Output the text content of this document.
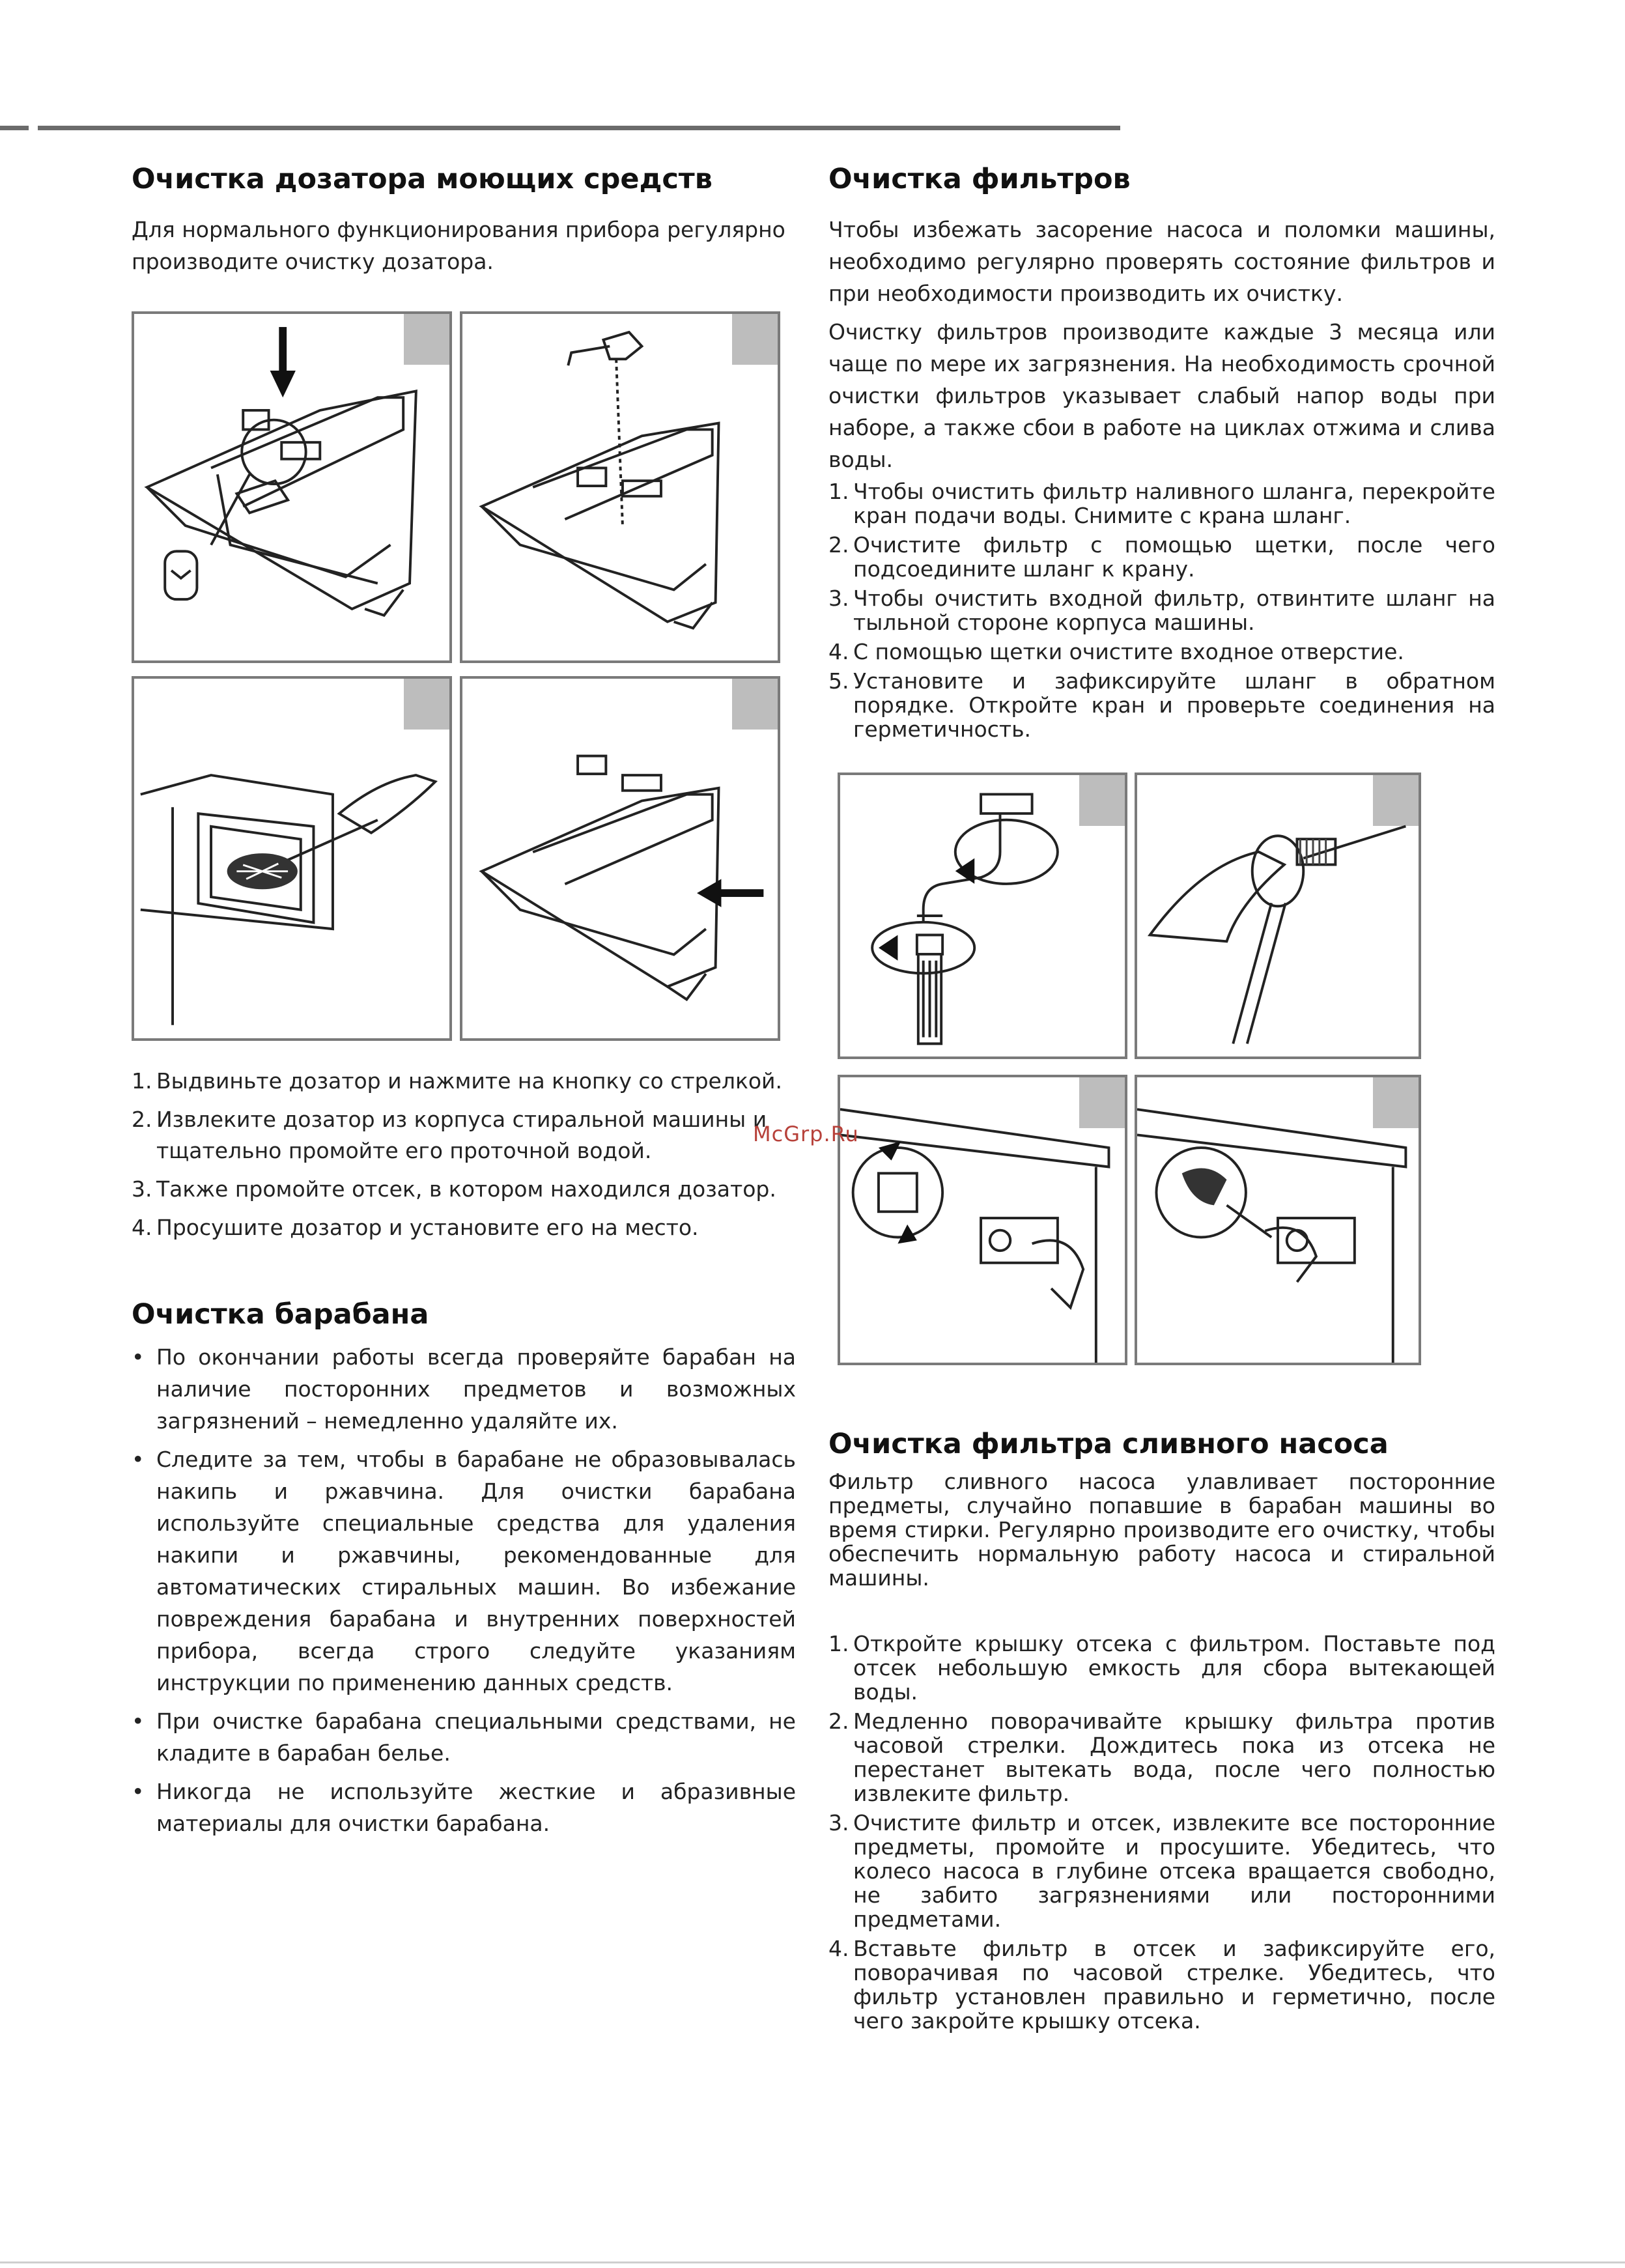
Очистка дозатора моющих средств

Для нормального функционирования прибора регулярно производите очистку дозатора.

1. Выдвиньте дозатор и нажмите на кнопку со стрелкой.
2. Извлеките дозатор из корпуса стиральной машины и тщательно промойте его проточной водой.
3. Также промойте отсек, в котором находился дозатор.
4. Просушите дозатор и установите его на место.
Очистка барабана
• По окончании работы всегда проверяйте барабан на наличие посторонних предметов и возможных загрязнений – немедленно удаляйте их.
• Следите за тем, чтобы в барабане не образовывалась накипь и ржавчина. Для очистки барабана используйте специальные средства для удаления накипи и ржавчины, рекомендованные для автоматических стиральных машин. Во избежание повреждения барабана и внутренних поверхностей прибора, всегда строго следуйте указаниям инструкции по применению данных средств.
• При очистке барабана специальными средствами, не кладите в барабан белье.
• Никогда не используйте жесткие и абразивные материалы для очистки барабана.
Очистка фильтров

Чтобы избежать засорение насоса и поломки машины, необходимо регулярно проверять состояние фильтров и при необходимости производить их очистку.

Очистку фильтров производите каждые 3 месяца или чаще по мере их загрязнения. На необходимость срочной очистки фильтров указывает слабый напор воды при наборе, а также сбои в работе на циклах отжима и слива воды.

1. Чтобы очистить фильтр наливного шланга, перекройте кран подачи воды. Снимите с крана шланг.
2. Очистите фильтр с помощью щетки, после чего подсоедините шланг к крану.
3. Чтобы очистить входной фильтр, отвинтите шланг на тыльной стороне корпуса машины.
4. С помощью щетки очистите входное отверстие.
5. Установите и зафиксируйте шланг в обратном порядке. Откройте кран и проверьте соединения на герметичность.
Очистка фильтра сливного насоса

Фильтр сливного насоса улавливает посторонние предметы, случайно попавшие в барабан машины во время стирки. Регулярно производите его очистку, чтобы обеспечить нормальную работу насоса и стиральной машины.

1. Откройте крышку отсека с фильтром. Поставьте под отсек небольшую емкость для сбора вытекающей воды.
2. Медленно поворачивайте крышку фильтра против часовой стрелки. Дождитесь пока из отсека не перестанет вытекать вода, после чего полностью извлеките фильтр.
3. Очистите фильтр и отсек, извлеките все посторонние предметы, промойте и просушите. Убедитесь, что колесо насоса в глубине отсека вращается свободно, не забито загрязнениями или посторонними предметами.
4. Вставьте фильтр в отсек и зафиксируйте его, поворачивая по часовой стрелке. Убедитесь, что фильтр установлен правильно и герметично, после чего закройте крышку отсека.
McGrp.Ru
